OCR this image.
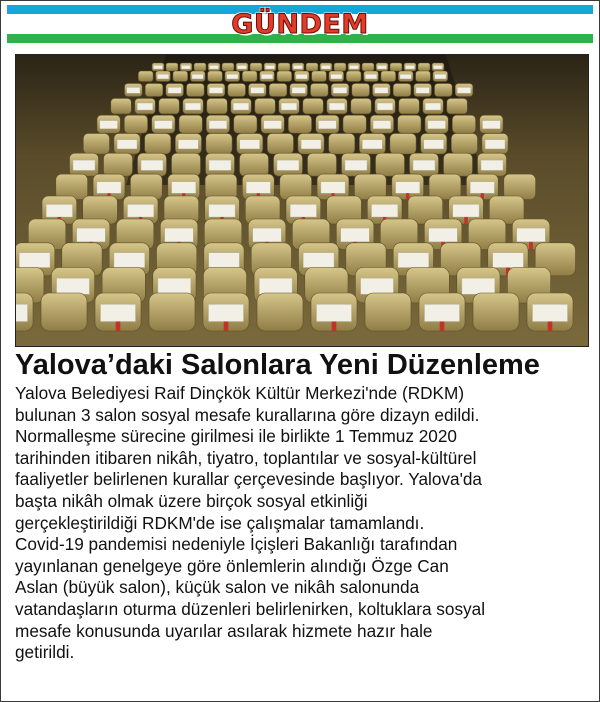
GÜNDEM
Yalova’daki Salonlara Yeni Düzenleme
Yalova Belediyesi Raif Dinçkök Kültür Merkezi'nde (RDKM)
bulunan 3 salon sosyal mesafe kurallarına göre dizayn edildi.
Normalleşme sürecine girilmesi ile birlikte 1 Temmuz 2020
tarihinden itibaren nikâh, tiyatro, toplantılar ve sosyal-kültürel
faaliyetler belirlenen kurallar çerçevesinde başlıyor. Yalova'da
başta nikâh olmak üzere birçok sosyal etkinliği
gerçekleştirildiği RDKM'de ise çalışmalar tamamlandı.
Covid-19 pandemisi nedeniyle İçişleri Bakanlığı tarafından
yayınlanan genelgeye göre önlemlerin alındığı Özge Can
Aslan (büyük salon), küçük salon ve nikâh salonunda
vatandaşların oturma düzenleri belirlenirken, koltuklara sosyal
mesafe konusunda uyarılar asılarak hizmete hazır hale
getirildi.
